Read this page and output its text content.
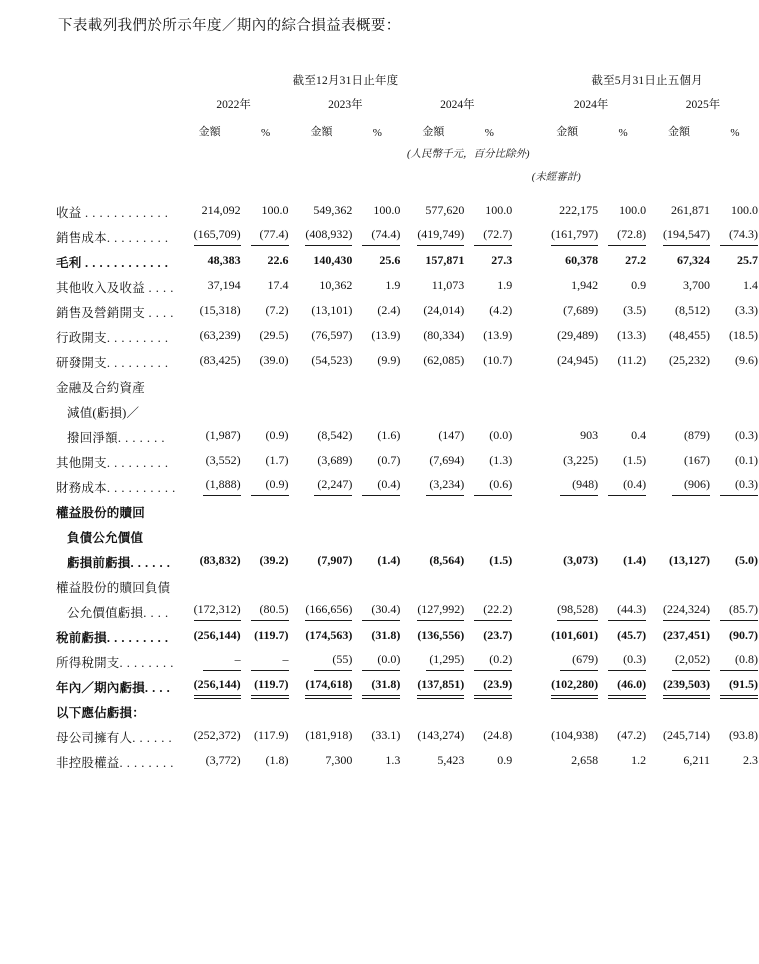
下表載列我們於所示年度／期內的綜合損益表概要：
	截至12月31日止年度							截至5月31日止五個月			

	2022年		2023年		2024年			2024年		2025年	

	金額	%	金額	%	金額	%		金額	%	金額	%
					(人民幣千元，百分比除外)						
							(未經審計)				

收益 . . . . . . . . . . . .	214,092	100.0	549,362	100.0	577,620	100.0		222,175	100.0	261,871	100.0
銷售成本. . . . . . . . .	(165,709)	(77.4)	(408,932)	(74.4)	(419,749)	(72.7)		(161,797)	(72.8)	(194,547)	(74.3)
毛利 . . . . . . . . . . . .	48,383	22.6	140,430	25.6	157,871	27.3		60,378	27.2	67,324	25.7
其他收入及收益 . . . .	37,194	17.4	10,362	1.9	11,073	1.9		1,942	0.9	3,700	1.4
銷售及營銷開支 . . . .	(15,318)	(7.2)	(13,101)	(2.4)	(24,014)	(4.2)		(7,689)	(3.5)	(8,512)	(3.3)
行政開支. . . . . . . . .	(63,239)	(29.5)	(76,597)	(13.9)	(80,334)	(13.9)		(29,489)	(13.3)	(48,455)	(18.5)
研發開支. . . . . . . . .	(83,425)	(39.0)	(54,523)	(9.9)	(62,085)	(10.7)		(24,945)	(11.2)	(25,232)	(9.6)
金融及合約資產											
減值(虧損)／											
撥回淨額. . . . . . .	(1,987)	(0.9)	(8,542)	(1.6)	(147)	(0.0)		903	0.4	(879)	(0.3)
其他開支. . . . . . . . .	(3,552)	(1.7)	(3,689)	(0.7)	(7,694)	(1.3)		(3,225)	(1.5)	(167)	(0.1)
財務成本. . . . . . . . . .	(1,888)	(0.9)	(2,247)	(0.4)	(3,234)	(0.6)		(948)	(0.4)	(906)	(0.3)
權益股份的贖回											
負債公允價值											
虧損前虧損. . . . . .	(83,832)	(39.2)	(7,907)	(1.4)	(8,564)	(1.5)		(3,073)	(1.4)	(13,127)	(5.0)
權益股份的贖回負債											
公允價值虧損. . . .	(172,312)	(80.5)	(166,656)	(30.4)	(127,992)	(22.2)		(98,528)	(44.3)	(224,324)	(85.7)
稅前虧損. . . . . . . . .	(256,144)	(119.7)	(174,563)	(31.8)	(136,556)	(23.7)		(101,601)	(45.7)	(237,451)	(90.7)
所得稅開支. . . . . . . .	–	–	(55)	(0.0)	(1,295)	(0.2)		(679)	(0.3)	(2,052)	(0.8)
年內／期內虧損. . . .	(256,144)	(119.7)	(174,618)	(31.8)	(137,851)	(23.9)		(102,280)	(46.0)	(239,503)	(91.5)
以下應佔虧損：											
母公司擁有人. . . . . .	(252,372)	(117.9)	(181,918)	(33.1)	(143,274)	(24.8)		(104,938)	(47.2)	(245,714)	(93.8)
非控股權益. . . . . . . .	(3,772)	(1.8)	7,300	1.3	5,423	0.9		2,658	1.2	6,211	2.3
